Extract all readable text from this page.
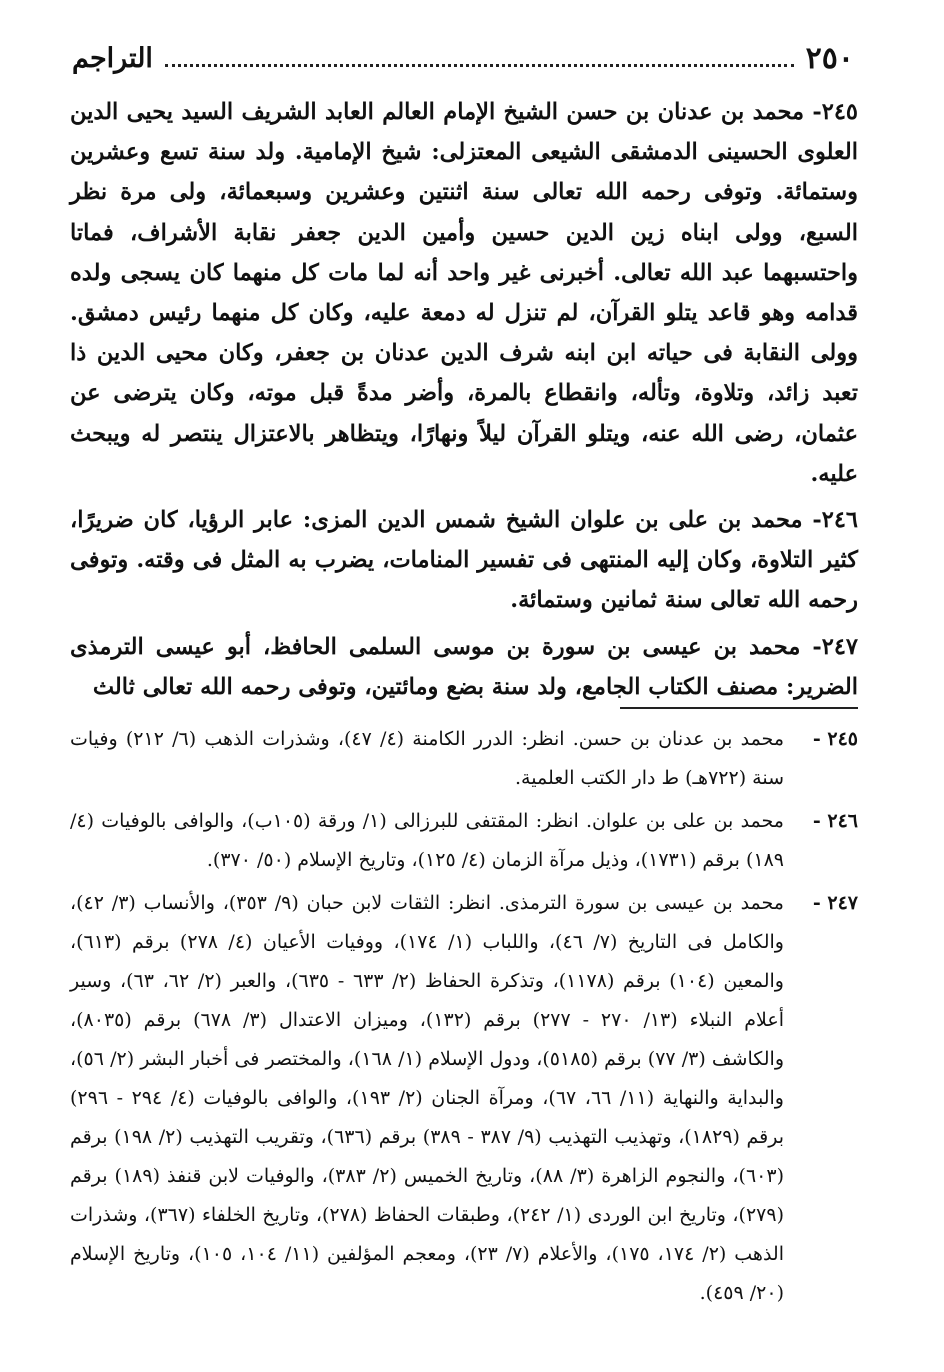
٢٥٠
التراجم

٢٤٥- محمد بن عدنان بن حسن الشيخ الإمام العالم العابد الشريف السيد يحيى الدين العلوى الحسينى الدمشقى الشيعى المعتزلى: شيخ الإمامية. ولد سنة تسع وعشرين وستمائة. وتوفى رحمه الله تعالى سنة اثنتين وعشرين وسبعمائة، ولى مرة نظر السبع، وولى ابناه زين الدين حسين وأمين الدين جعفر نقابة الأشراف، فماتا واحتسبهما عبد الله تعالى. أخبرنى غير واحد أنه لما مات كل منهما كان يسجى ولده قدامه وهو قاعد يتلو القرآن، لم تنزل له دمعة عليه، وكان كل منهما رئيس دمشق. وولى النقابة فى حياته ابن ابنه شرف الدين عدنان بن جعفر، وكان محيى الدين ذا تعبد زائد، وتلاوة، وتأله، وانقطاع بالمرة، وأضر مدةً قبل موته، وكان يترضى عن عثمان، رضى الله عنه، ويتلو القرآن ليلاً ونهارًا، ويتظاهر بالاعتزال ينتصر له ويبحث عليه.

٢٤٦- محمد بن على بن علوان الشيخ شمس الدين المزى: عابر الرؤيا، كان ضريرًا، كثير التلاوة، وكان إليه المنتهى فى تفسير المنامات، يضرب به المثل فى وقته. وتوفى رحمه الله تعالى سنة ثمانين وستمائة.

٢٤٧- محمد بن عيسى بن سورة بن موسى السلمى الحافظ، أبو عيسى الترمذى الضرير: مصنف الكتاب الجامع، ولد سنة بضع ومائتين، وتوفى رحمه الله تعالى ثالث

٢٤٥ -
محمد بن عدنان بن حسن. انظر: الدرر الكامنة (٤/ ٤٧)، وشذرات الذهب (٦/ ٢١٢) وفيات سنة (٧٢٢هـ) ط دار الكتب العلمية.
٢٤٦ -
محمد بن على بن علوان. انظر: المقتفى للبرزالى (١/ ورقة (١٠٥ب)، والوافى بالوفيات (٤/ ١٨٩) برقم (١٧٣١)، وذيل مرآة الزمان (٤/ ١٢٥)، وتاريخ الإسلام (٥٠/ ٣٧٠).
٢٤٧ -
محمد بن عيسى بن سورة الترمذى. انظر: الثقات لابن حبان (٩/ ٣٥٣)، والأنساب (٣/ ٤٢)، والكامل فى التاريخ (٧/ ٤٦)، واللباب (١/ ١٧٤)، ووفيات الأعيان (٤/ ٢٧٨) برقم (٦١٣)، والمعين (١٠٤) برقم (١١٧٨)، وتذكرة الحفاظ (٢/ ٦٣٣ - ٦٣٥)، والعبر (٢/ ٦٢، ٦٣)، وسير أعلام النبلاء (١٣/ ٢٧٠ - ٢٧٧) برقم (١٣٢)، وميزان الاعتدال (٣/ ٦٧٨) برقم (٨٠٣٥)، والكاشف (٣/ ٧٧) برقم (٥١٨٥)، ودول الإسلام (١/ ١٦٨)، والمختصر فى أخبار البشر (٢/ ٥٦)، والبداية والنهاية (١١/ ٦٦، ٦٧)، ومرآة الجنان (٢/ ١٩٣)، والوافى بالوفيات (٤/ ٢٩٤ - ٢٩٦) برقم (١٨٢٩)، وتهذيب التهذيب (٩/ ٣٨٧ - ٣٨٩) برقم (٦٣٦)، وتقريب التهذيب (٢/ ١٩٨) برقم (٦٠٣)، والنجوم الزاهرة (٣/ ٨٨)، وتاريخ الخميس (٢/ ٣٨٣)، والوفيات لابن قنفذ (١٨٩) برقم (٢٧٩)، وتاريخ ابن الوردى (١/ ٢٤٢)، وطبقات الحفاظ (٢٧٨)، وتاريخ الخلفاء (٣٦٧)، وشذرات الذهب (٢/ ١٧٤، ١٧٥)، والأعلام (٧/ ٢٣)، ومعجم المؤلفين (١١/ ١٠٤، ١٠٥)، وتاريخ الإسلام (٢٠/ ٤٥٩).
